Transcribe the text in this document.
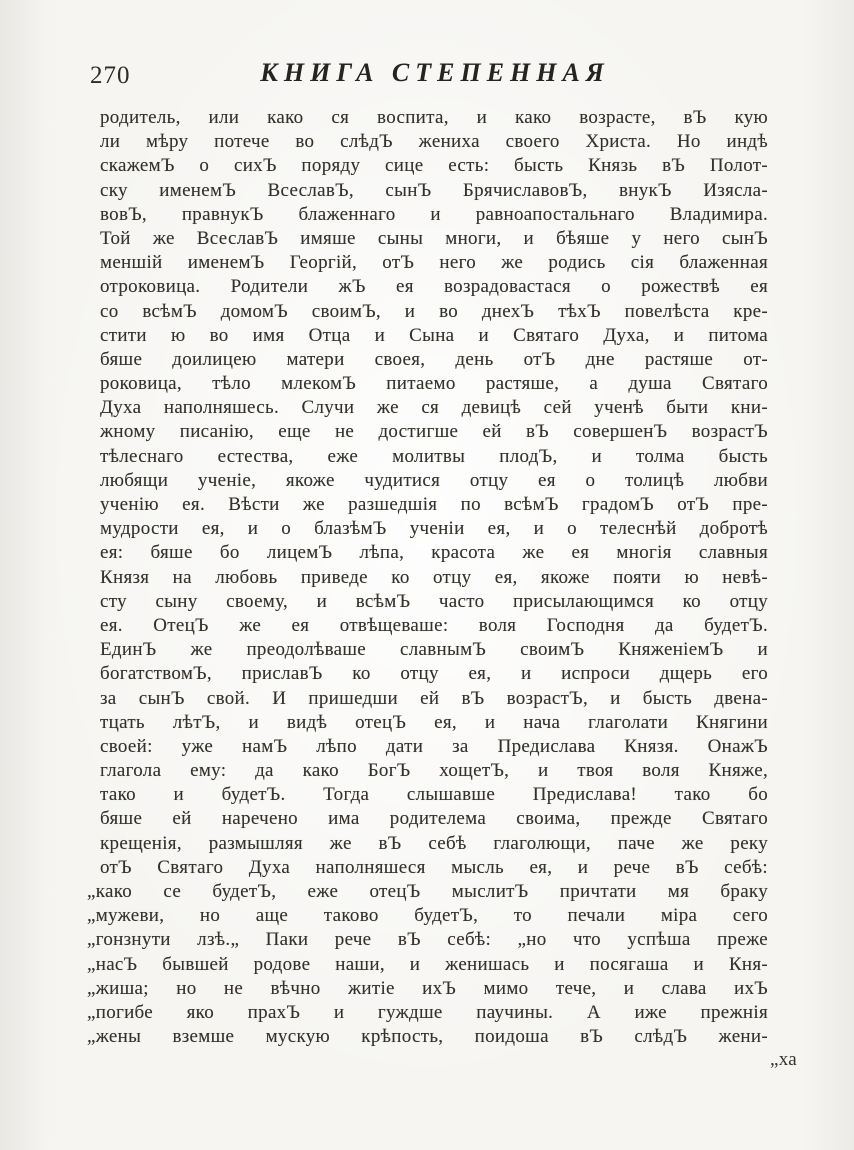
270	КНИГА СТЕПЕННАЯ
родитель, или како ся воспита, и како возрасте, вЪ кую
ли мѣру потече во слѣдЪ жениха своего Христа. Но индѣ
скажемЪ о сихЪ поряду сице есть: бысть Князь вЪ Полот-
ску именемЪ ВсеславЪ, сынЪ БрячиславовЪ, внукЪ Изясла-
вовЪ, правнукЪ блаженнаго и равноапостальнаго Владимира.
Той же ВсеславЪ имяше сыны многи, и бѣяше у него сынЪ
меншій именемЪ Георгій, отЪ него же родись сія блаженная
отроковица. Родители жЪ ея возрадовастася о рожествѣ ея
со всѣмЪ домомЪ своимЪ, и во днехЪ тѣхЪ повелѣста кре-
стити ю во имя Отца и Сына и Святаго Духа, и питома
бяше доилицею матери своея, день отЪ дне растяше от-
роковица, тѣло млекомЪ питаемо растяше, а душа Святаго
Духа наполняшесь. Случи же ся девицѣ сей ученѣ быти кни-
жному писанію, еще не достигше ей вЪ совершенЪ возрастЪ
тѣлеснаго естества, еже молитвы плодЪ, и толма бысть
любящи ученіе, якоже чудитися отцу ея о толицѣ любви
ученію ея. Вѣсти же разшедшія по всѣмЪ градомЪ отЪ пре-
мудрости ея, и о блазѣмЪ ученіи ея, и о телеснѣй добротѣ
ея: бяше бо лицемЪ лѣпа, красота же ея многія славныя
Князя на любовь приведе ко отцу ея, якоже пояти ю невѣ-
сту сыну своему, и всѣмЪ часто присылающимся ко отцу
ея. ОтецЪ же ея отвѣщеваше: воля Господня да будетЪ.
ЕдинЪ же преодолѣваше славнымЪ своимЪ КняженіемЪ и
богатствомЪ, приславЪ ко отцу ея, и испроси дщерь его
за сынЪ свой. И пришедши ей вЪ возрастЪ, и бысть двена-
тцать лѣтЪ, и видѣ отецЪ ея, и нача глаголати Княгини
своей: уже намЪ лѣпо дати за Предислава Князя. ОнажЪ
глагола ему: да како БогЪ хощетЪ, и твоя воля Княже,
тако и будетЪ. Тогда слышавше Предислава! тако бо
бяше ей наречено има родителема своима, прежде Святаго
крещенія, размышляя же вЪ себѣ глаголющи, паче же реку
отЪ Святаго Духа наполняшеся мысль ея, и рече вЪ себѣ:
„како се будетЪ, еже отецЪ мыслитЪ причтати мя браку
„мужеви, но аще таково будетЪ, то печали міра сего
„гонзнути лзѣ.„ Паки рече вЪ себѣ: „но что успѣша преже
„насЪ бывшей родове наши, и женишась и посягаша и Кня-
„жиша; но не вѣчно житіе ихЪ мимо тече, и слава ихЪ
„погибе яко прахЪ и гуждше паучины. А иже прежнія
„жены вземше мускую крѣпость, поидоша вЪ слѣдЪ жени-
„ха
